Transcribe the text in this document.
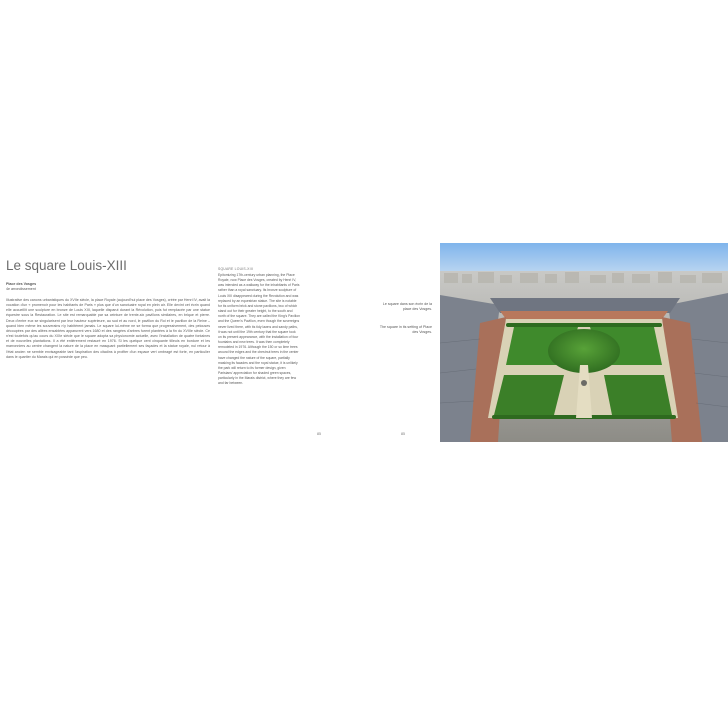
Le square Louis-XIII
Place des Vosges
4e arrondissement
Illustrative des canons urbanistiques du XVIIe siècle, la place Royale (aujourd'hui place des Vosges), créée par Henri IV, avait la vocation d'un « promenoir pour les habitants de Paris » plus que d'un sanctuaire royal en plein air. Elle devint cet écrin quand elle accueillit une sculpture en bronze de Louis XIII, laquelle disparut durant la Révolution, puis fut remplacée par une statue équestre sous la Restauration. Le site est remarquable par sa ceinture de trente-six pavillons similaires, en brique et pierre. Deux d'entre eux se singularisent par leur hauteur supérieure, au sud et au nord, le pavillon du Roi et le pavillon de la Reine – quand bien même les souverains n'y habitèrent jamais. Le square lui-même ne se forma que progressivement, des pelouses découpées par des allées ensablées apparurent vers 1680 et des rangées d'arbres furent plantées à la fin du XVIIIe siècle. Ce n'est toutefois qu'au cours du XIXe siècle que le square adopta sa physionomie actuelle, avec l'installation de quatre fontaines et de nouvelles plantations. Il a été entièrement restauré en 1976. Si les quelque cent cinquante tilleuls en bordure et les marronniers au centre changent la nature de la place en masquant partiellement ses façades et la statue royale, nul retour à l'état ancien ne semble envisageable tant l'aspiration des citadins à profiter d'un espace vert ombragé est forte, en particulier dans le quartier du Marais qui en possède que peu.
SQUARE LOUIS-XIII
Epitomizing 17th-century urban planning, the Place Royale, now Place des Vosges, created by Henri IV, was intended as a walkway for the inhabitants of Paris rather than a royal sanctuary. Its bronze sculpture of Louis XIII disappeared during the Revolution and was replaced by an equestrian statue. The site is notable for its uniform brick and stone pavilions, two of which stand out for their greater height, to the south and north of the square. They are called the King's Pavilion and the Queen's Pavilion, even though the sovereigns never lived there, with its tidy lawns and sandy paths, it was not until the 19th century that the square took on its present appearance, with the installation of four fountains and new trees. It was then completely remodeled in 1976. Although the 150 or so lime trees around the edges and the chestnut trees in the center have changed the nature of the square, partially masking its facades and the royal statue, it is unlikely the park will return to its former design, given Parisians' appreciation for shaded green spaces, particularly in the Marais district, where they are few and far between.
85	85
Le square dans son écrin de la place des Vosges.
The square in its setting of Place des Vosges.
